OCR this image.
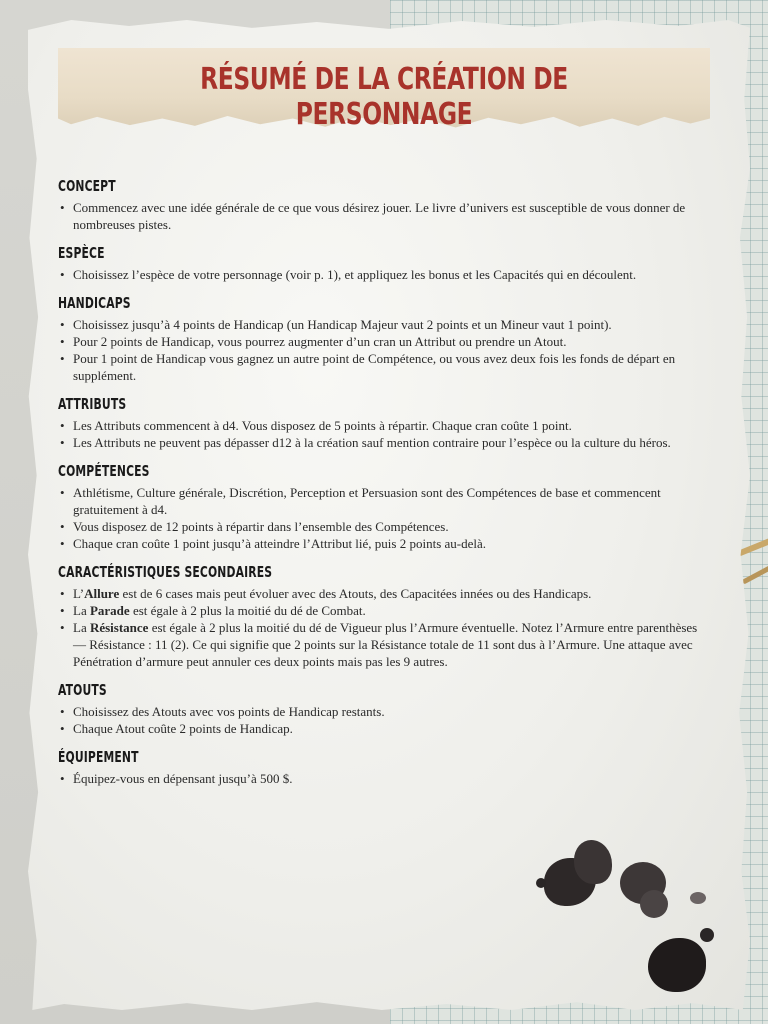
RÉSUMÉ DE LA CRÉATION DE PERSONNAGE
CONCEPT
• Commencez avec une idée générale de ce que vous désirez jouer. Le livre d’univers est susceptible de vous donner de nombreuses pistes.
ESPÈCE
• Choisissez l’espèce de votre personnage (voir p. 1), et appliquez les bonus et les Capacités qui en découlent.
HANDICAPS
• Choisissez jusqu’à 4 points de Handicap (un Handicap Majeur vaut 2 points et un Mineur vaut 1 point).
• Pour 2 points de Handicap, vous pourrez augmenter d’un cran un Attribut ou prendre un Atout.
• Pour 1 point de Handicap vous gagnez un autre point de Compétence, ou vous avez deux fois les fonds de départ en supplément.
ATTRIBUTS
• Les Attributs commencent à d4. Vous disposez de 5 points à répartir. Chaque cran coûte 1 point.
• Les Attributs ne peuvent pas dépasser d12 à la création sauf mention contraire pour l’espèce ou la culture du héros.
COMPÉTENCES
• Athlétisme, Culture générale, Discrétion, Perception et Persuasion sont des Compétences de base et commencent gratuitement à d4.
• Vous disposez de 12 points à répartir dans l’ensemble des Compétences.
• Chaque cran coûte 1 point jusqu’à atteindre l’Attribut lié, puis 2 points au-delà.
CARACTÉRISTIQUES SECONDAIRES
• L’Allure est de 6 cases mais peut évoluer avec des Atouts, des Capacitées innées ou des Handicaps.
• La Parade est égale à 2 plus la moitié du dé de Combat.
• La Résistance est égale à 2 plus la moitié du dé de Vigueur plus l’Armure éventuelle. Notez l’Armure entre parenthèses — Résistance : 11 (2). Ce qui signifie que 2 points sur la Résistance totale de 11 sont dus à l’Armure. Une attaque avec Pénétration d’armure peut annuler ces deux points mais pas les 9 autres.
ATOUTS
• Choisissez des Atouts avec vos points de Handicap restants.
• Chaque Atout coûte 2 points de Handicap.
ÉQUIPEMENT
• Équipez-vous en dépensant jusqu’à 500 $.
